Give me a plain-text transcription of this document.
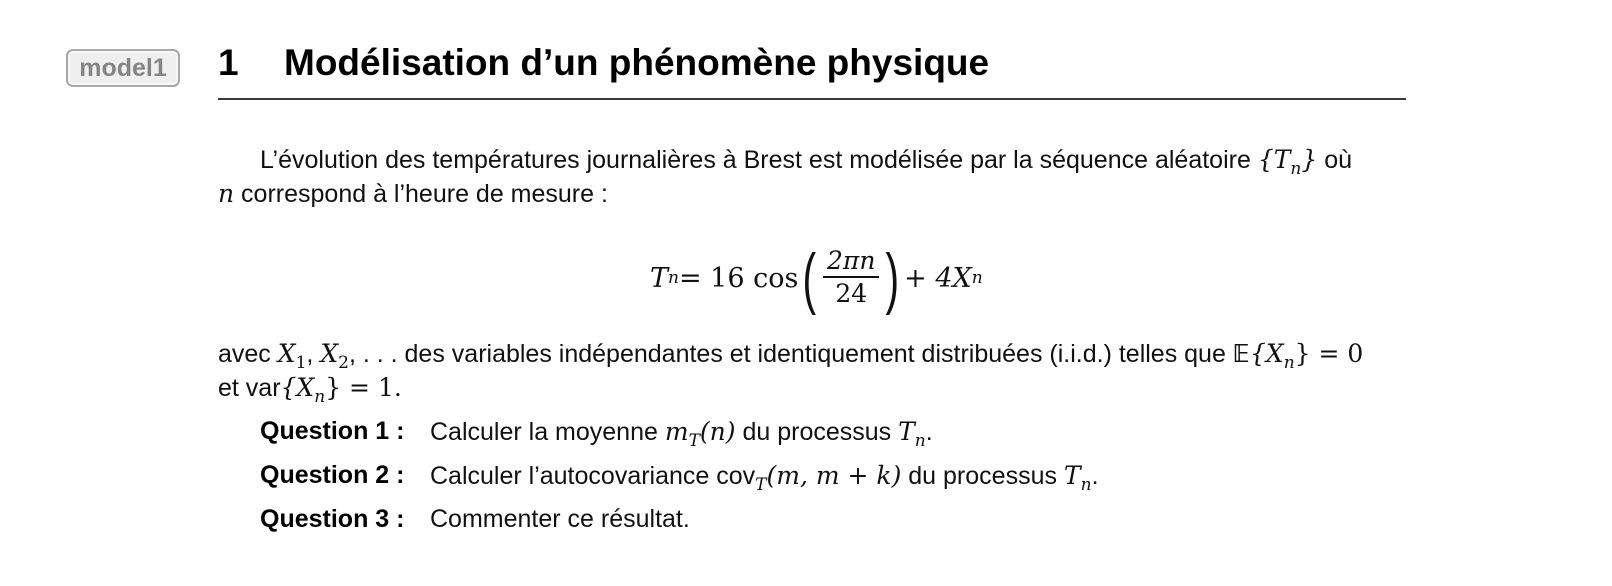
model1	1	Modélisation d’un phénomène physique
L’évolution des températures journalières à Brest est modélisée par la séquence aléatoire $\{T_n\}$ où
n correspond à l’heure de mesure :
T n = 16 cos ( $\frac{2\pi n}{24}$ ) + 4X n
avec $X_1$, $X_2$, . . . des variables indépendantes et identiquement distribuées (i.i.d.) telles que $𝔼\{X_n\} = 0$
et $var\{X_n\} = 1$.
Question 1 :	Calculer la moyenne $m_T(n)$ du processus $T_n$.
Question 2 :	Calculer l’autocovariance cov$_T$(m, m + k) du processus $T_n$.
Question 3 :	Commenter ce résultat.
